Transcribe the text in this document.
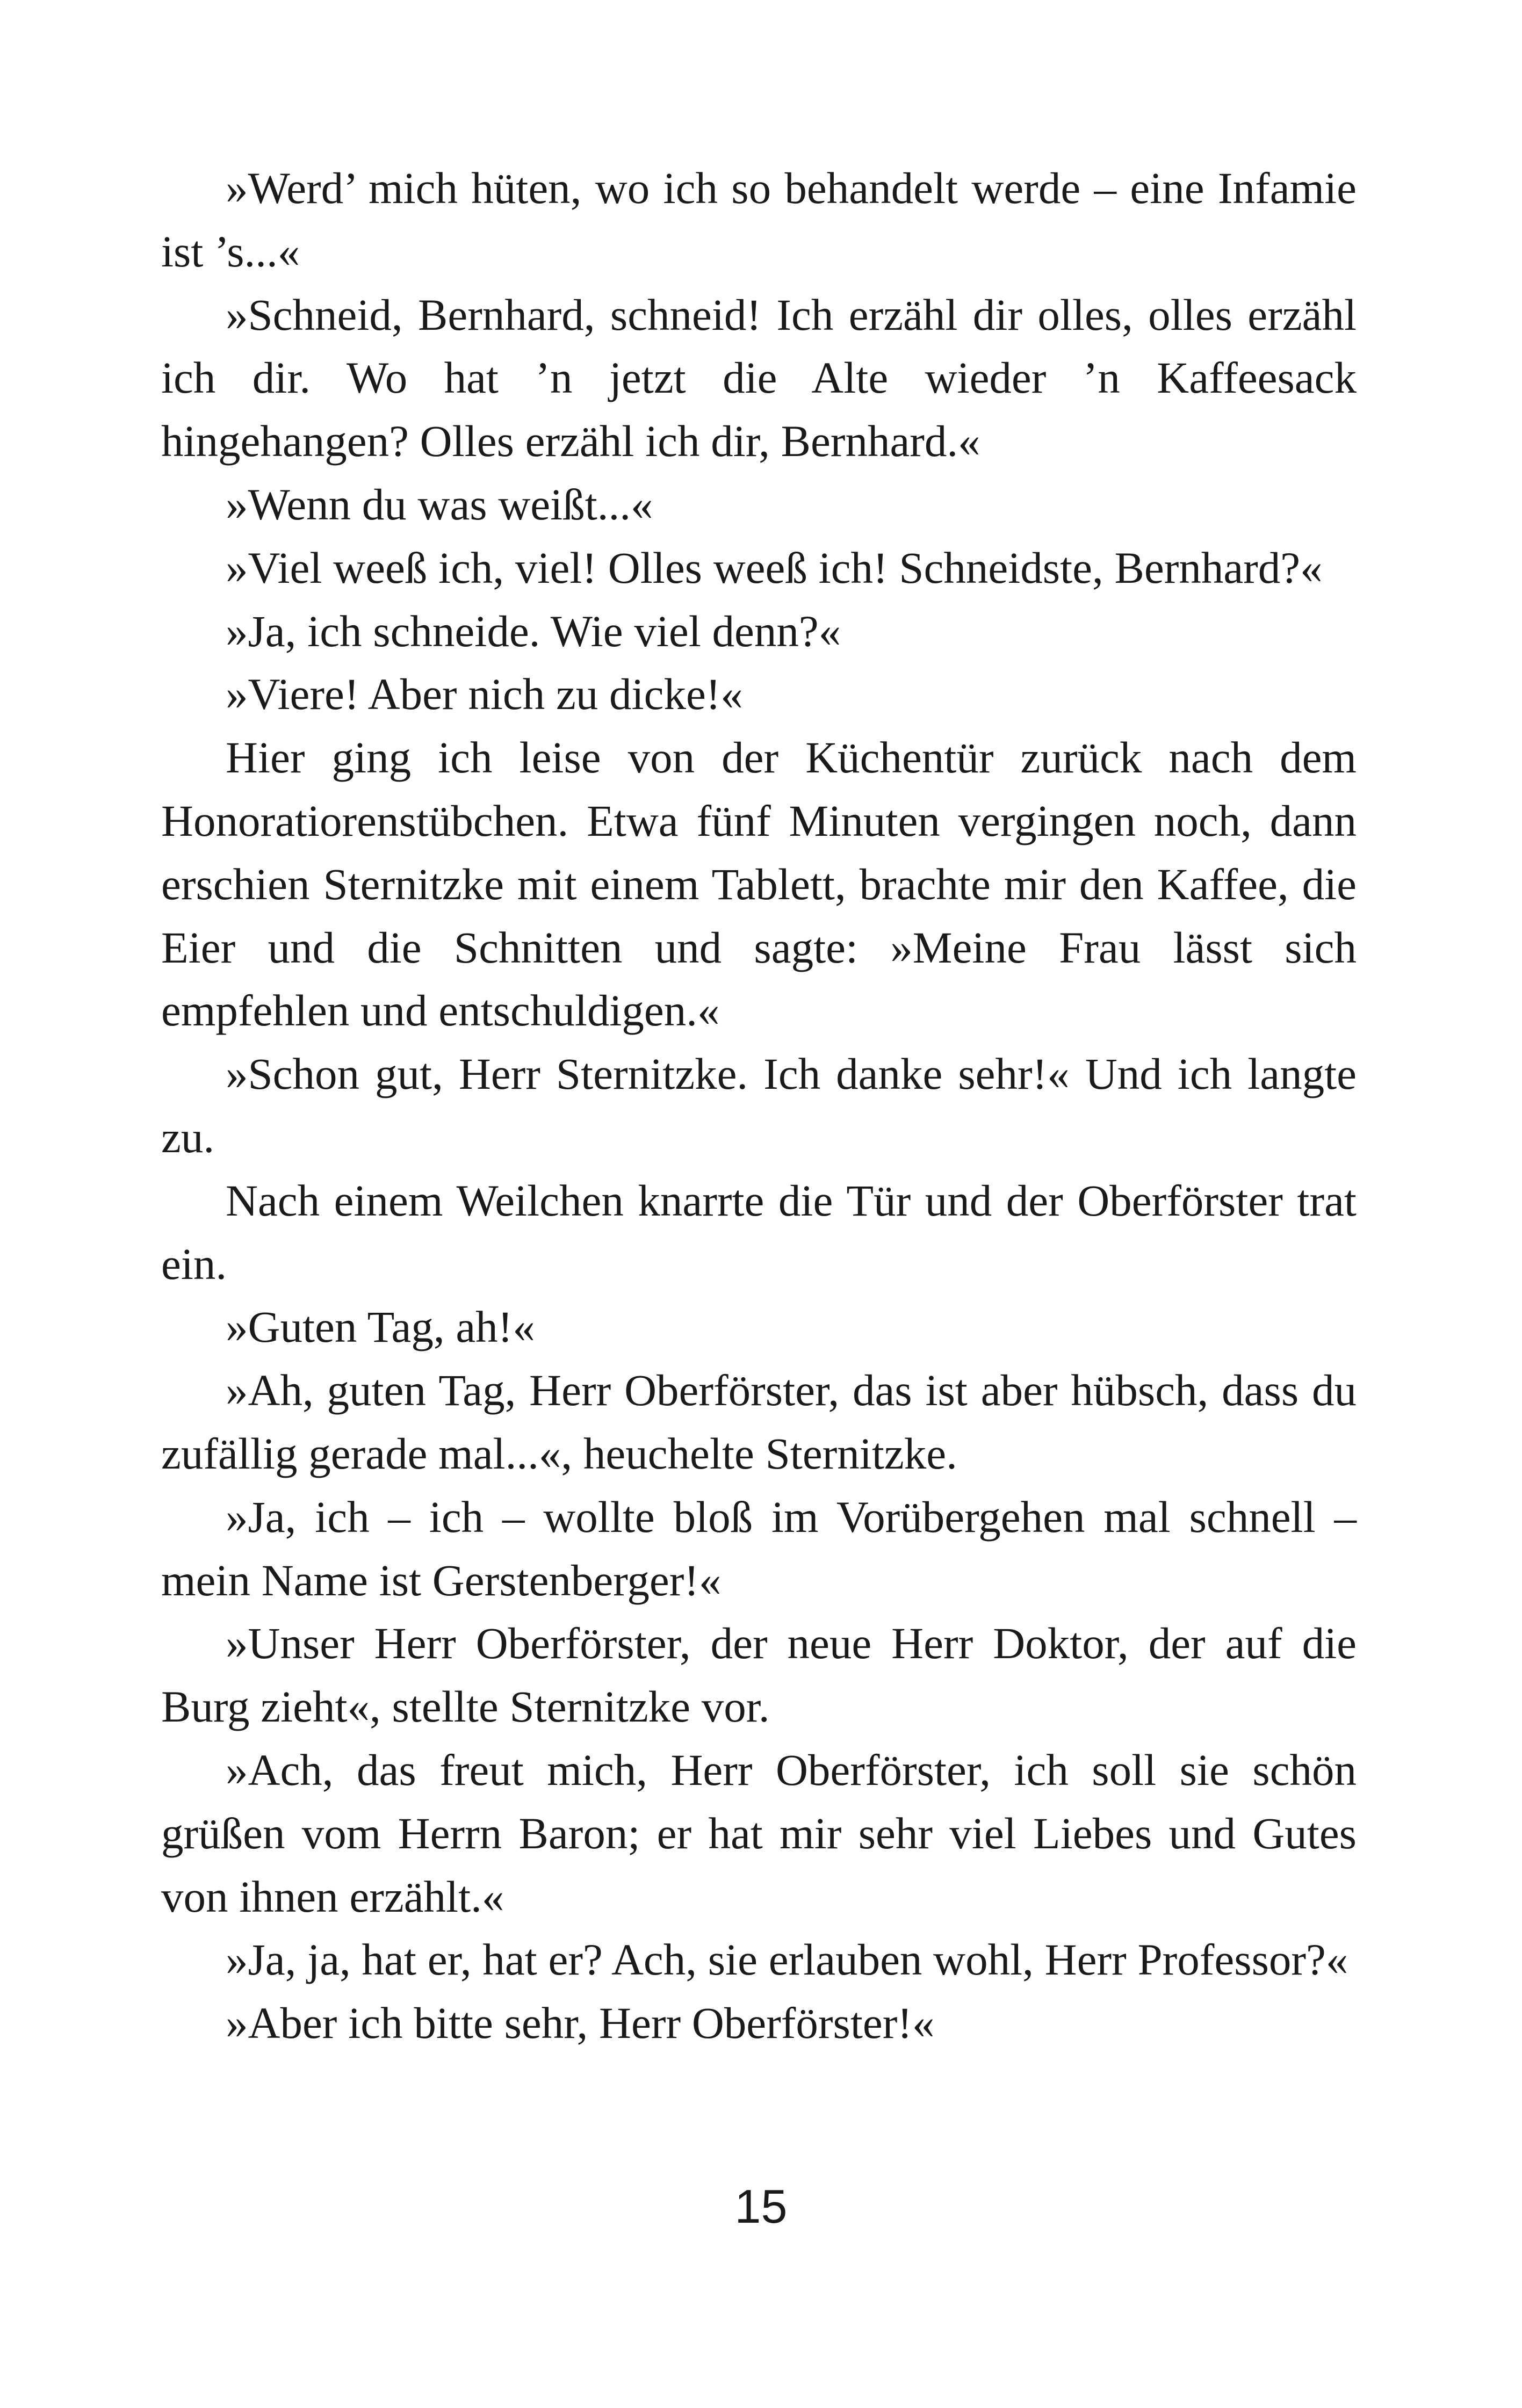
»Werd’ mich hüten, wo ich so behandelt werde – eine Infamie ist ’s...«

»Schneid, Bernhard, schneid! Ich erzähl dir olles, olles erzähl ich dir. Wo hat ’n jetzt die Alte wieder ’n Kaffeesack hingehangen? Olles erzähl ich dir, Bernhard.«

»Wenn du was weißt...«

»Viel weeß ich, viel! Olles weeß ich! Schneidste, Bernhard?«

»Ja, ich schneide. Wie viel denn?«

»Viere! Aber nich zu dicke!«

Hier ging ich leise von der Küchentür zurück nach dem Honoratiorenstübchen. Etwa fünf Minuten vergingen noch, dann erschien Sternitzke mit einem Tablett, brachte mir den Kaffee, die Eier und die Schnitten und sagte: »Meine Frau lässt sich empfehlen und entschuldigen.«

»Schon gut, Herr Sternitzke. Ich danke sehr!« Und ich langte zu.

Nach einem Weilchen knarrte die Tür und der Oberförster trat ein.

»Guten Tag, ah!«

»Ah, guten Tag, Herr Oberförster, das ist aber hübsch, dass du zufällig gerade mal...«, heuchelte Sternitzke.

»Ja, ich – ich – wollte bloß im Vorübergehen mal schnell – mein Name ist Gerstenberger!«

»Unser Herr Oberförster, der neue Herr Doktor, der auf die Burg zieht«, stellte Sternitzke vor.

»Ach, das freut mich, Herr Oberförster, ich soll sie schön grüßen vom Herrn Baron; er hat mir sehr viel Liebes und Gutes von ihnen erzählt.«

»Ja, ja, hat er, hat er? Ach, sie erlauben wohl, Herr Professor?«

»Aber ich bitte sehr, Herr Oberförster!«

15
